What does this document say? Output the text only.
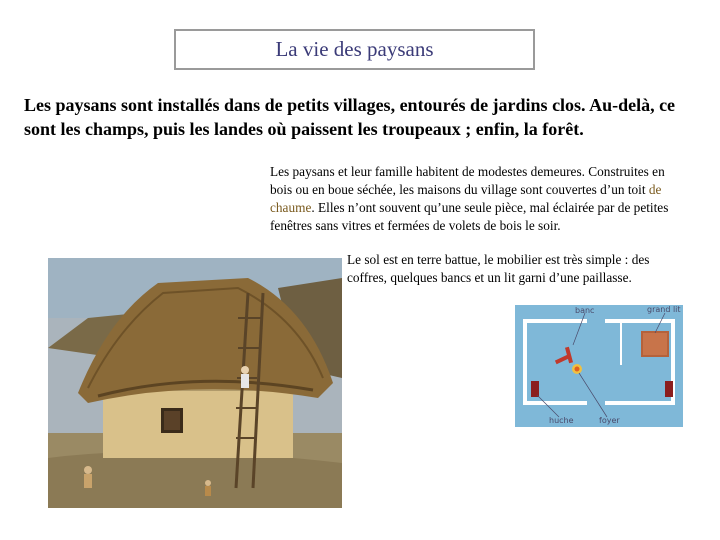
La vie des paysans
Les paysans sont installés dans de petits villages, entourés de jardins clos. Au-delà, ce sont les champs, puis les landes où paissent les troupeaux ; enfin, la forêt.
Les paysans et leur famille habitent de modestes demeures. Construites en bois ou en boue séchée, les maisons du village sont couvertes d’un toit de chaume. Elles n’ont souvent qu’une seule pièce, mal éclairée par de petites fenêtres sans vitres et fermées de volets de bois le soir.
Le sol est en terre battue, le mobilier est très simple : des coffres, quelques bancs et un lit garni d’une paillasse.
banc	grand lit
huche	foyer
